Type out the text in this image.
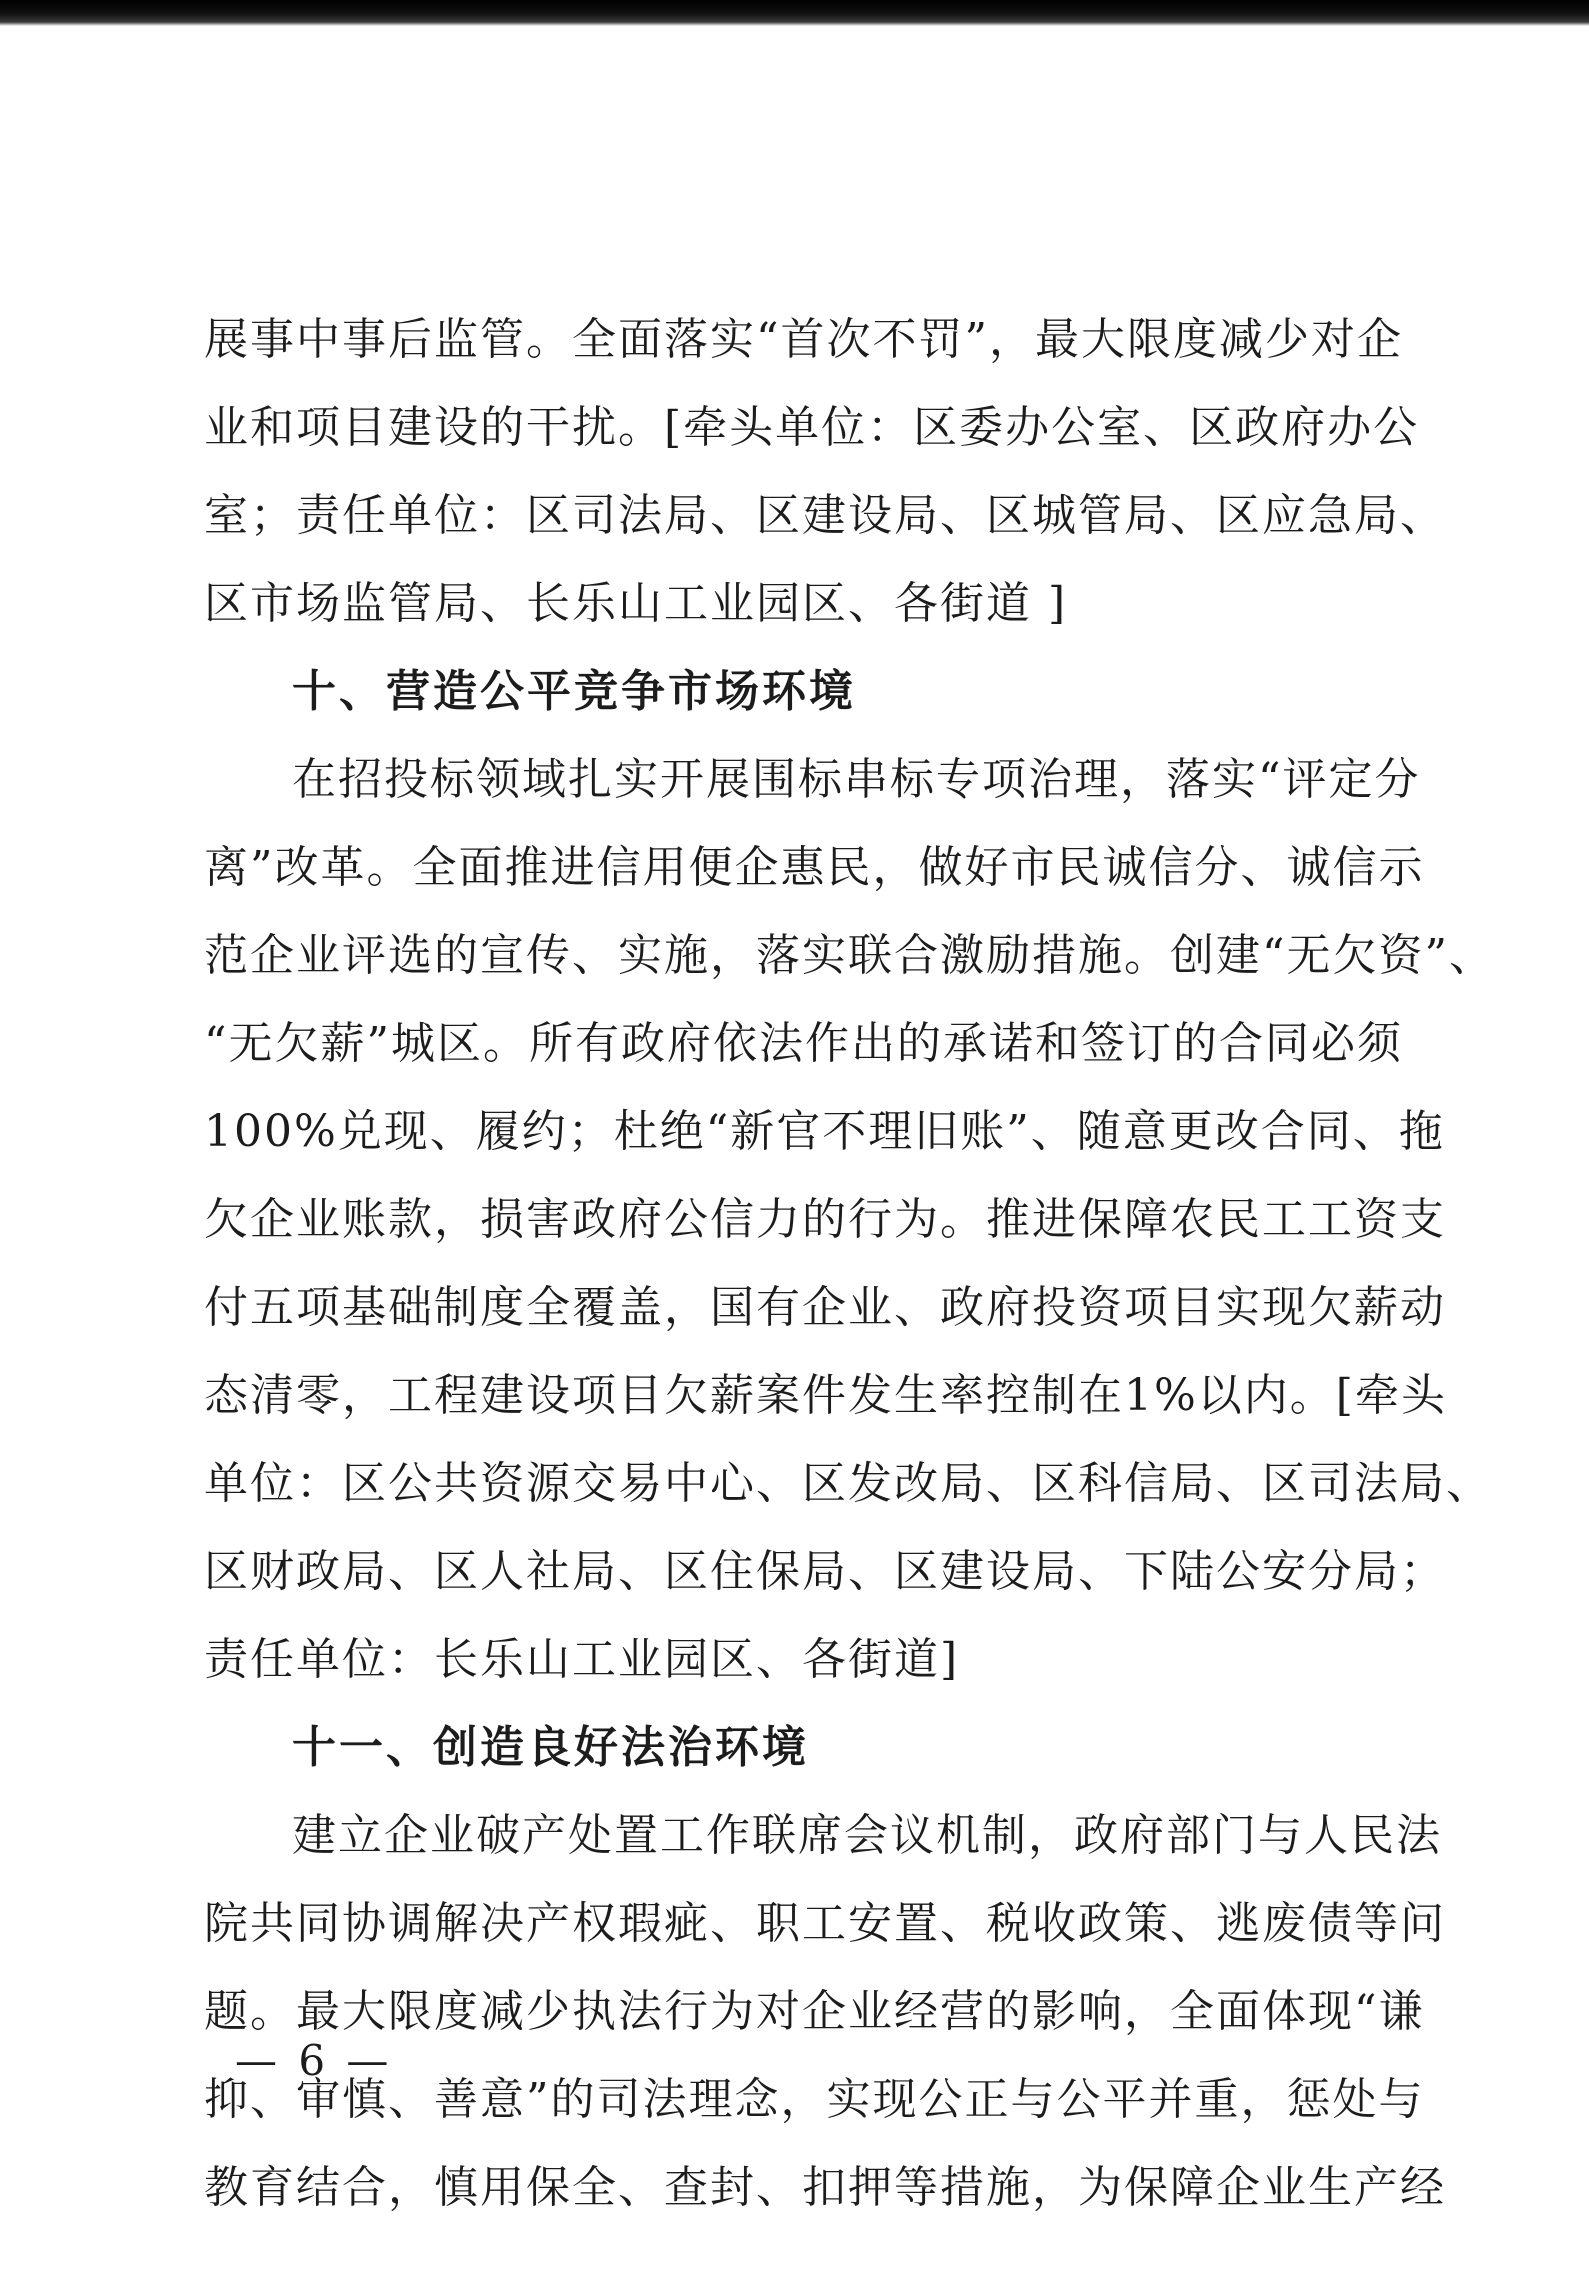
展事中事后监管。全面落实“首次不罚”，最大限度减少对企

业和项目建设的干扰。[牵头单位：区委办公室、区政府办公

室；责任单位：区司法局、区建设局、区城管局、区应急局、

区市场监管局、长乐山工业园区、各街道 ]

十、营造公平竞争市场环境

在招投标领域扎实开展围标串标专项治理，落实“评定分

离”改革。全面推进信用便企惠民，做好市民诚信分、诚信示

范企业评选的宣传、实施，落实联合激励措施。创建“无欠资”、

“无欠薪”城区。所有政府依法作出的承诺和签订的合同必须

100%兑现、履约；杜绝“新官不理旧账”、随意更改合同、拖

欠企业账款，损害政府公信力的行为。推进保障农民工工资支

付五项基础制度全覆盖，国有企业、政府投资项目实现欠薪动

态清零，工程建设项目欠薪案件发生率控制在1%以内。[牵头

单位：区公共资源交易中心、区发改局、区科信局、区司法局、

区财政局、区人社局、区住保局、区建设局、下陆公安分局；

责任单位：长乐山工业园区、各街道]

十一、创造良好法治环境

建立企业破产处置工作联席会议机制，政府部门与人民法

院共同协调解决产权瑕疵、职工安置、税收政策、逃废债等问

题。最大限度减少执法行为对企业经营的影响，全面体现“谦

抑、审慎、善意”的司法理念，实现公正与公平并重，惩处与

教育结合，慎用保全、查封、扣押等措施，为保障企业生产经

— 6 —
